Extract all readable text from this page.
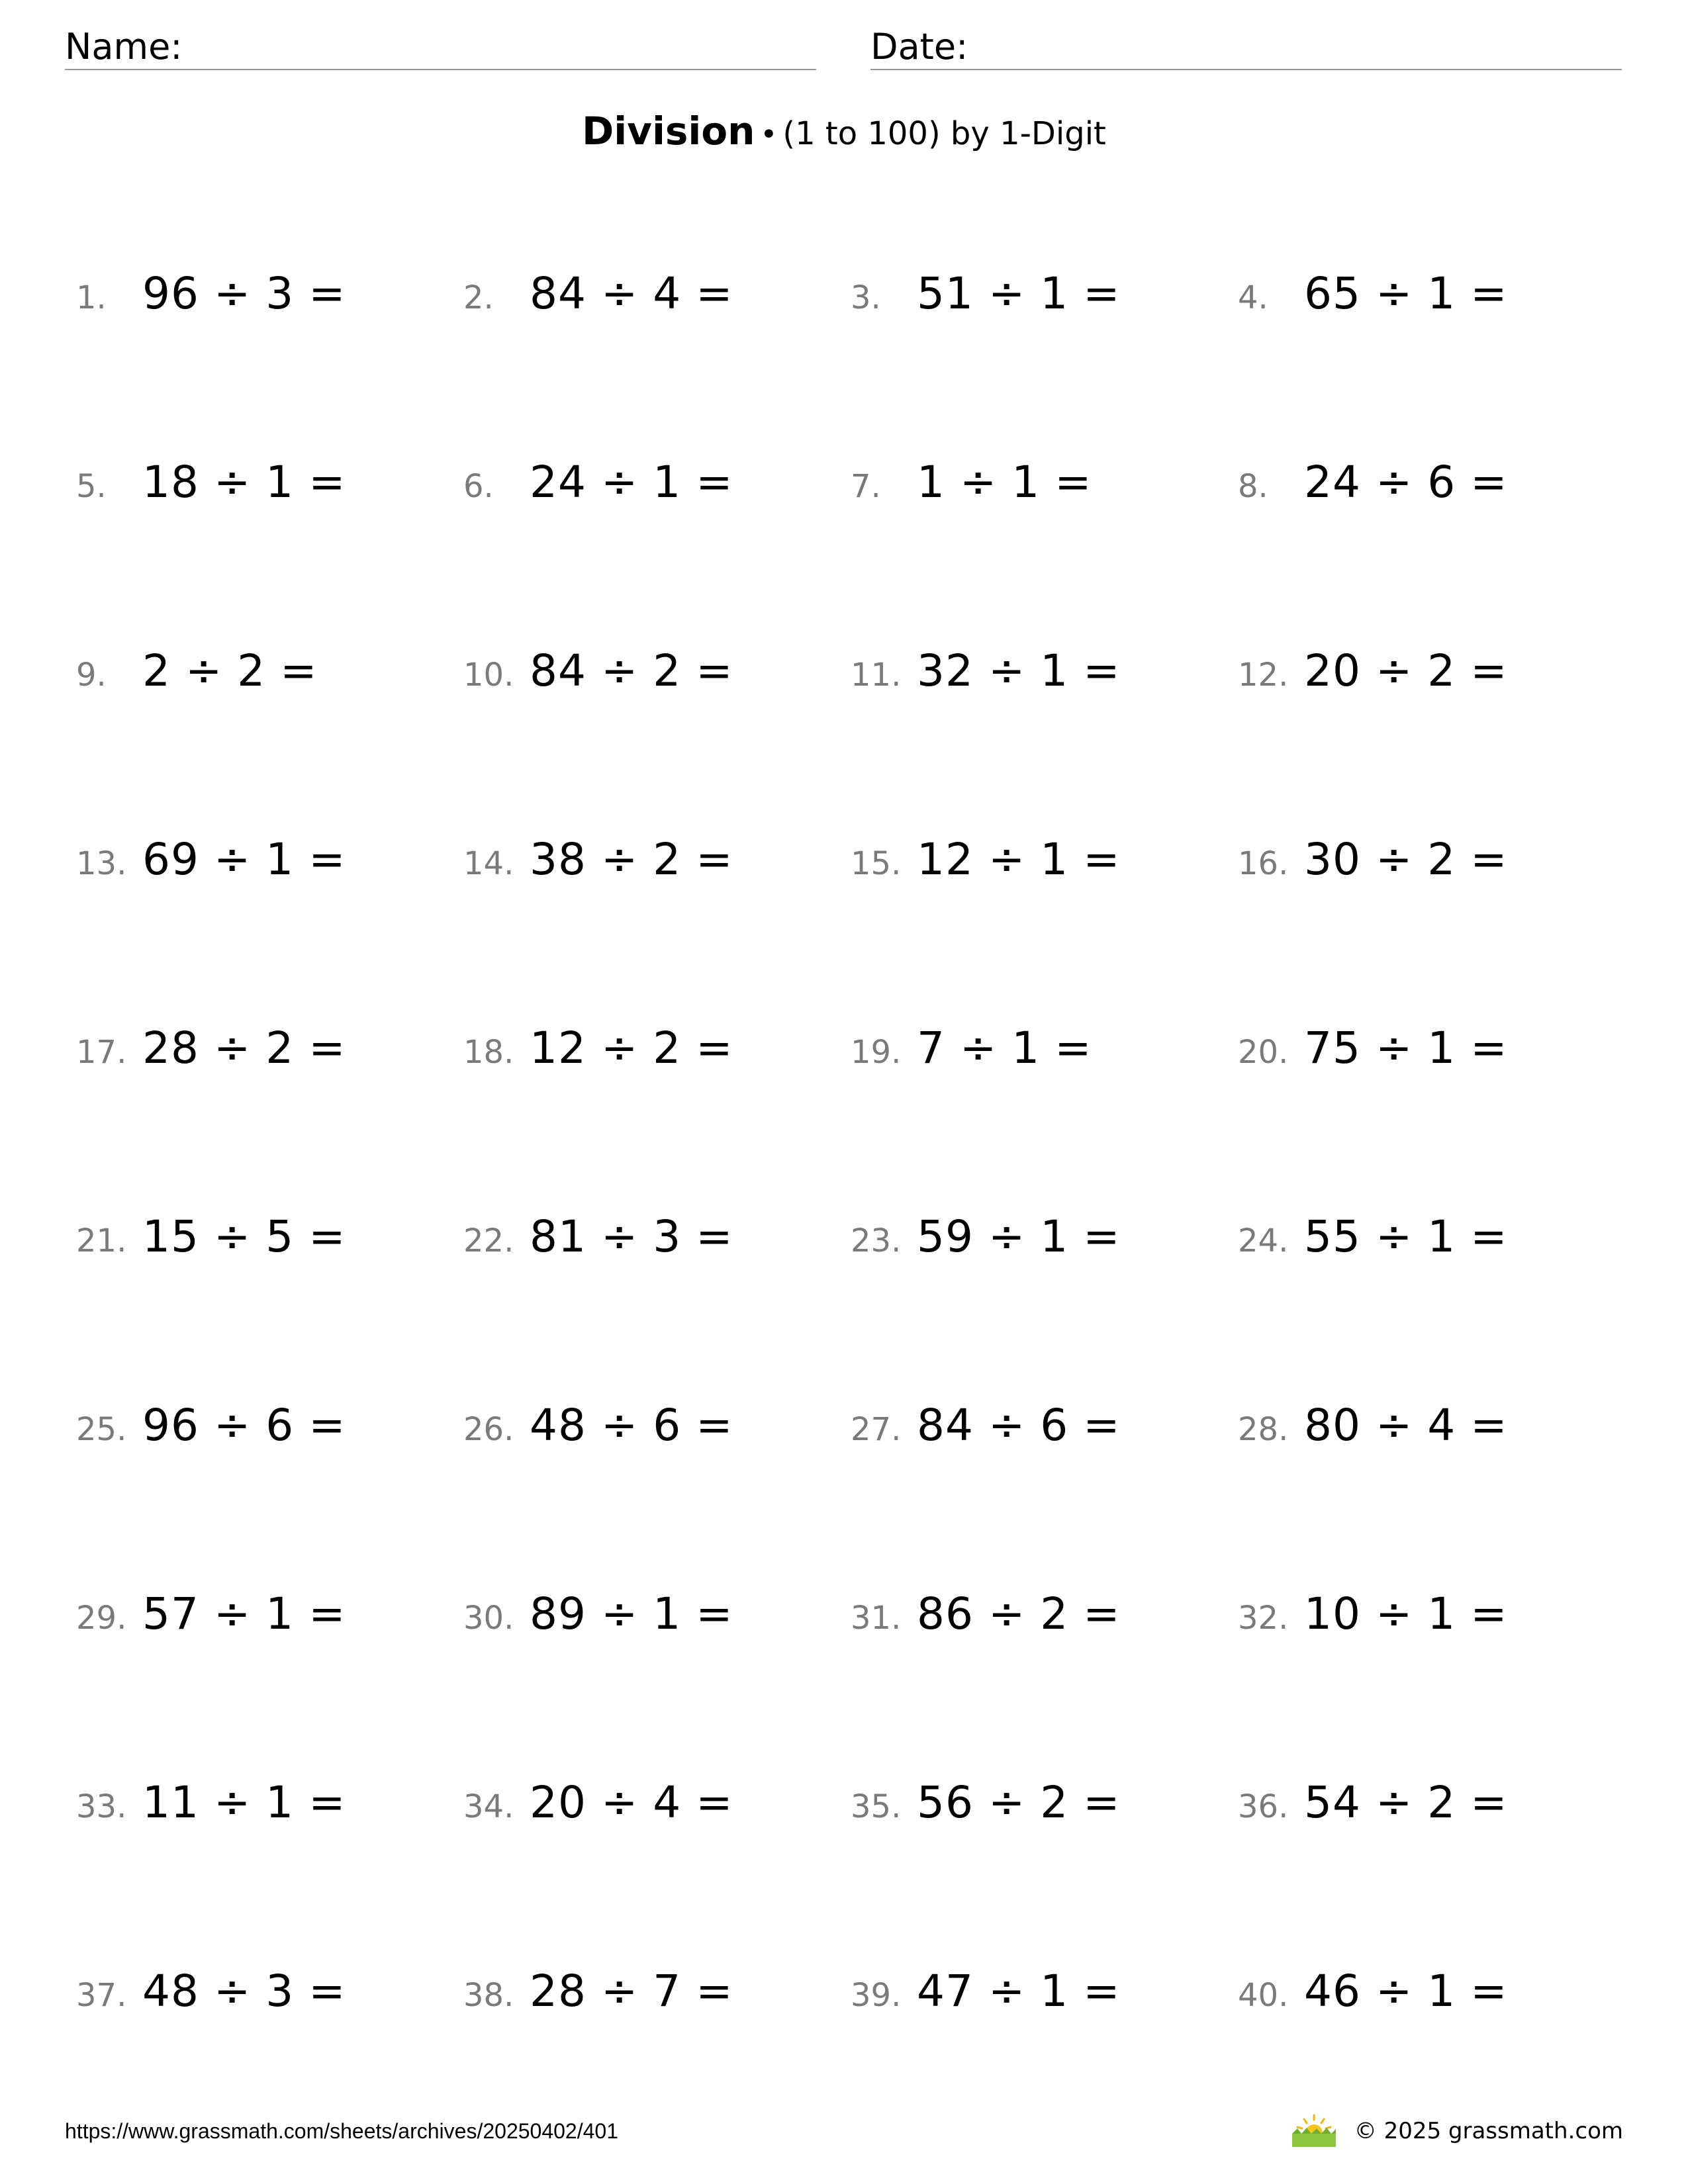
Name:	Date:
Division • (1 to 100) by 1-Digit
1. 96 ÷ 3 =	2. 84 ÷ 4 =	3. 51 ÷ 1 =	4. 65 ÷ 1 =
5. 18 ÷ 1 =	6. 24 ÷ 1 =	7. 1 ÷ 1 =	8. 24 ÷ 6 =
9. 2 ÷ 2 =	10. 84 ÷ 2 =	11. 32 ÷ 1 =	12. 20 ÷ 2 =
13. 69 ÷ 1 =	14. 38 ÷ 2 =	15. 12 ÷ 1 =	16. 30 ÷ 2 =
17. 28 ÷ 2 =	18. 12 ÷ 2 =	19. 7 ÷ 1 =	20. 75 ÷ 1 =
21. 15 ÷ 5 =	22. 81 ÷ 3 =	23. 59 ÷ 1 =	24. 55 ÷ 1 =
25. 96 ÷ 6 =	26. 48 ÷ 6 =	27. 84 ÷ 6 =	28. 80 ÷ 4 =
29. 57 ÷ 1 =	30. 89 ÷ 1 =	31. 86 ÷ 2 =	32. 10 ÷ 1 =
33. 11 ÷ 1 =	34. 20 ÷ 4 =	35. 56 ÷ 2 =	36. 54 ÷ 2 =
37. 48 ÷ 3 =	38. 28 ÷ 7 =	39. 47 ÷ 1 =	40. 46 ÷ 1 =
https://www.grassmath.com/sheets/archives/20250402/401	© 2025 grassmath.com
